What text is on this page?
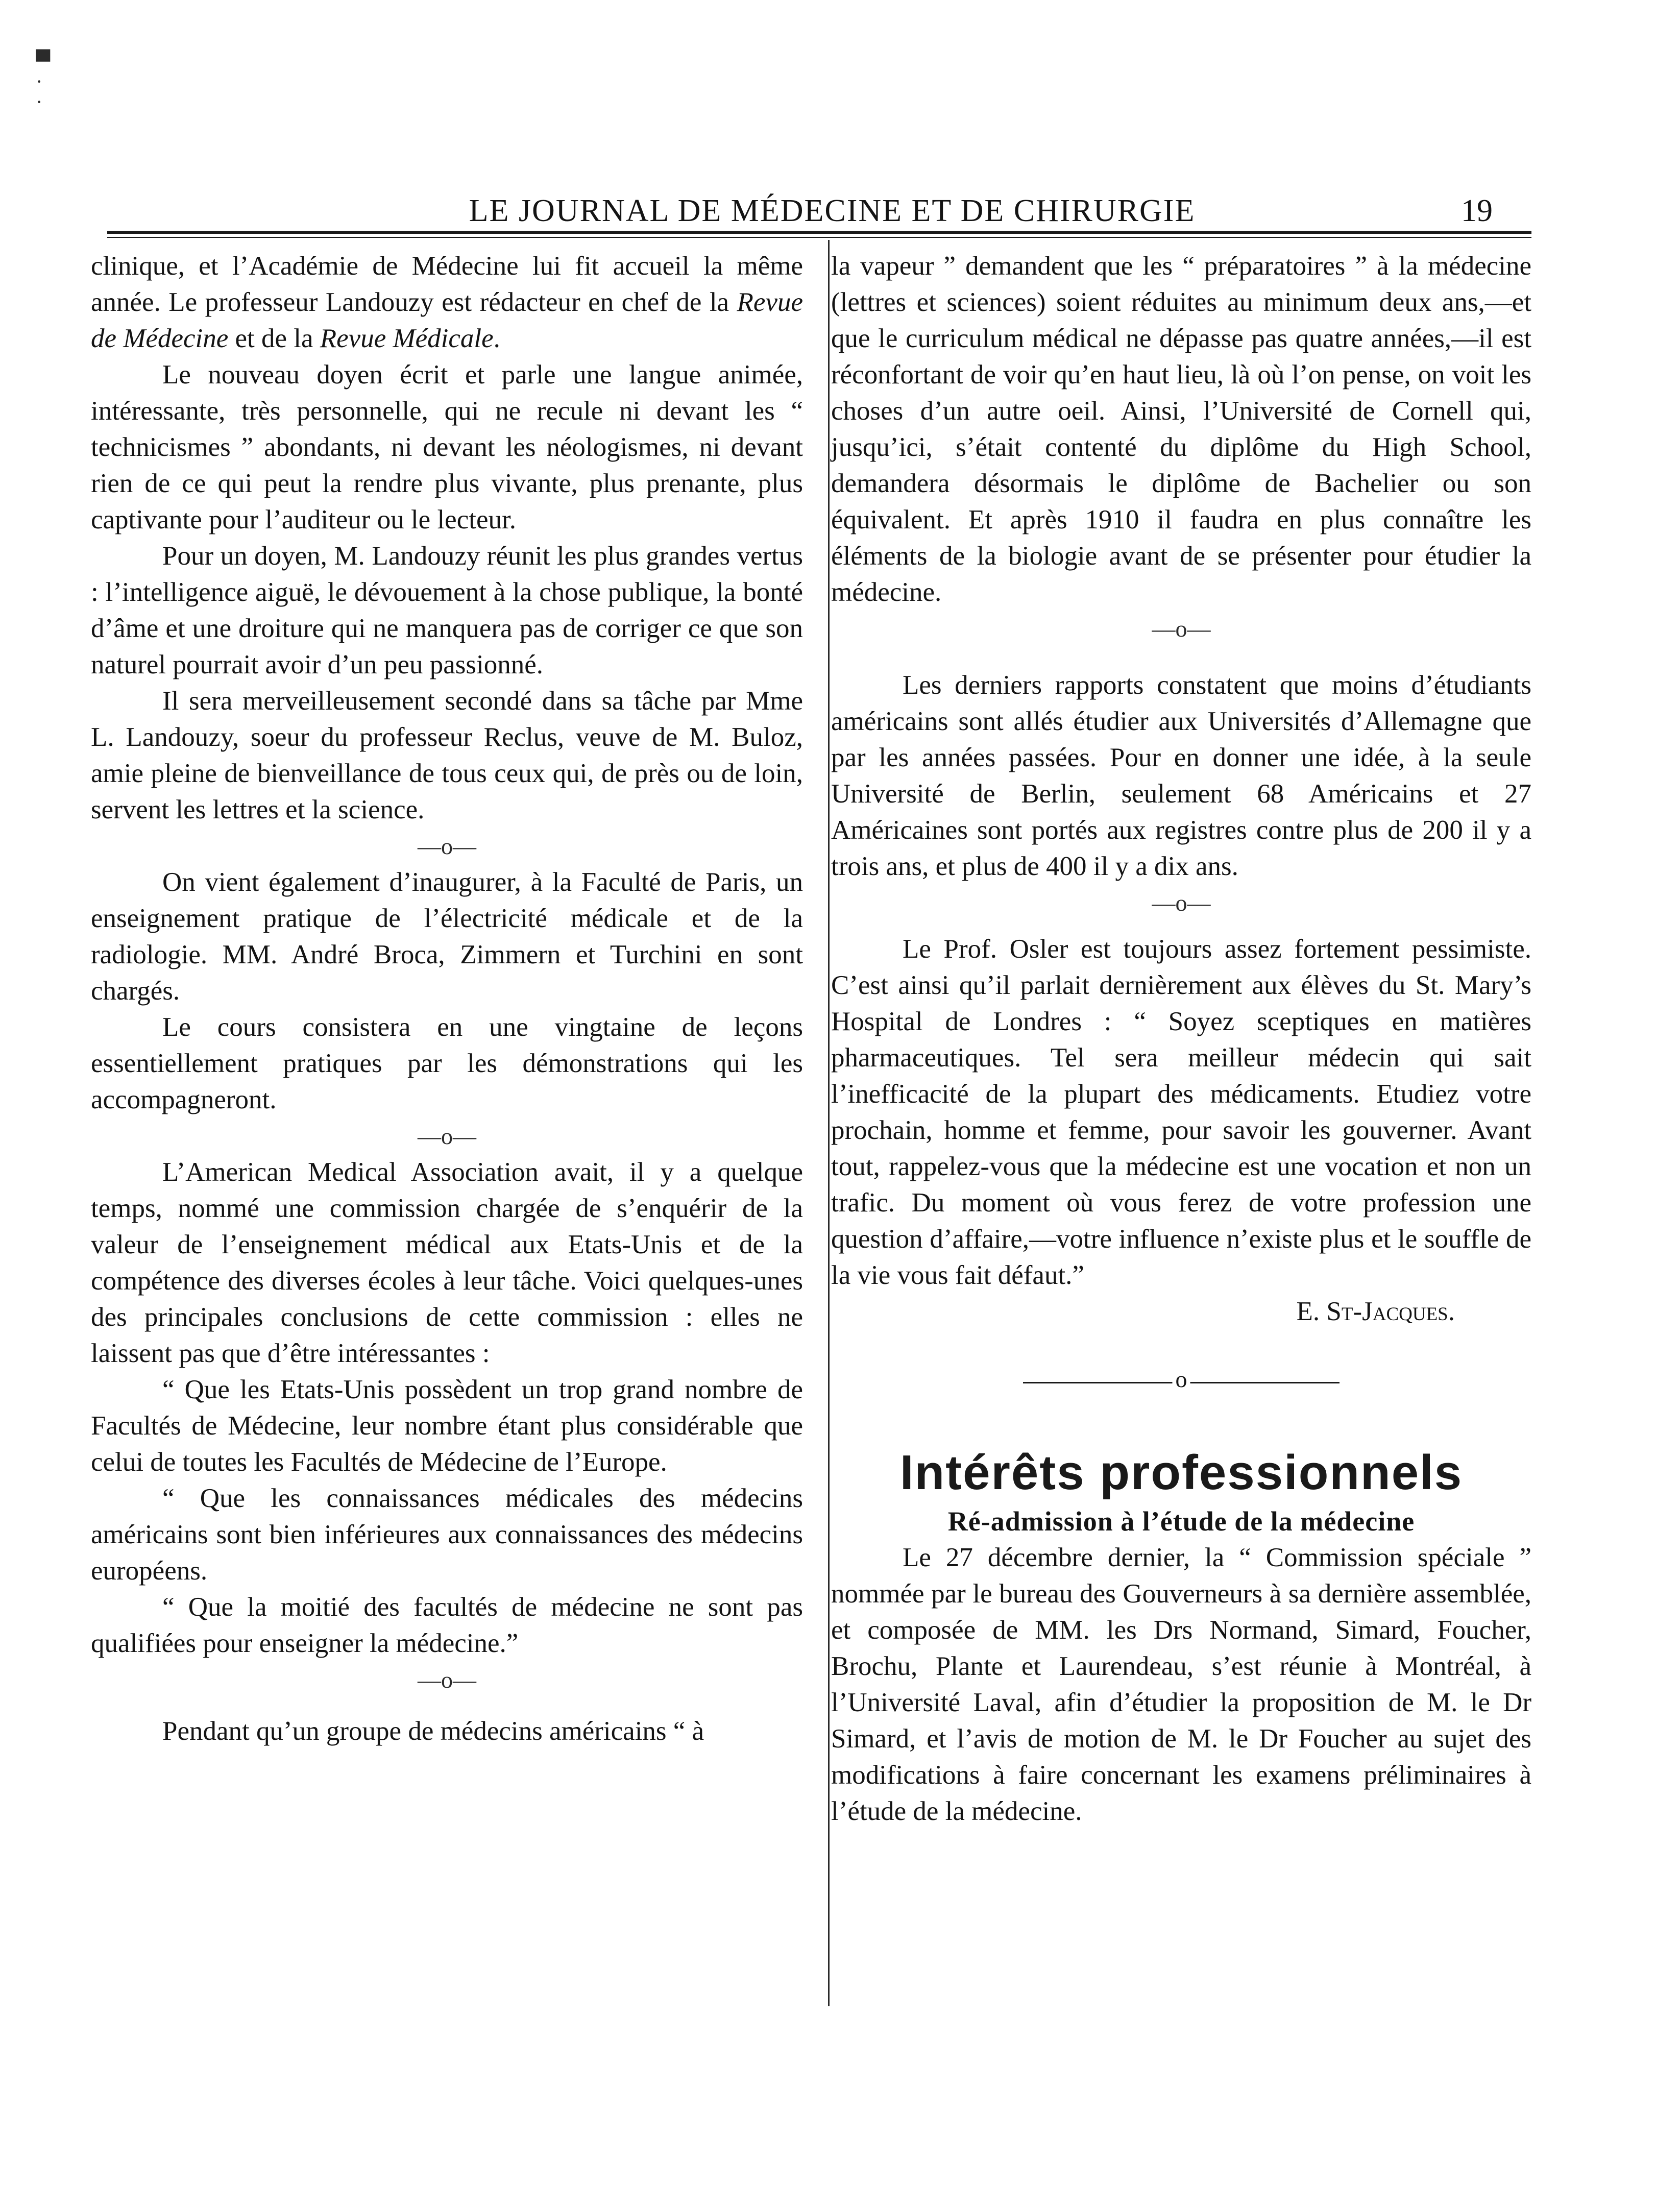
▀
·
·
LE JOURNAL DE MÉDECINE ET DE CHIRURGIE	19

clinique, et l’Académie de Médecine lui fit accueil la même année. Le professeur Landouzy est rédacteur en chef de la Revue de Médecine et de la Revue Médicale.

Le nouveau doyen écrit et parle une langue animée, intéressante, très personnelle, qui ne recule ni devant les “ technicismes ” abondants, ni devant les néologismes, ni devant rien de ce qui peut la rendre plus vivante, plus prenante, plus captivante pour l’auditeur ou le lecteur.

Pour un doyen, M. Landouzy réunit les plus grandes vertus : l’intelligence aiguë, le dévouement à la chose publique, la bonté d’âme et une droiture qui ne manquera pas de corriger ce que son naturel pourrait avoir d’un peu passionné.

Il sera merveilleusement secondé dans sa tâche par Mme L. Landouzy, soeur du professeur Reclus, veuve de M. Buloz, amie pleine de bienveillance de tous ceux qui, de près ou de loin, servent les lettres et la science.

—o—

On vient également d’inaugurer, à la Faculté de Paris, un enseignement pratique de l’électricité médicale et de la radiologie. MM. André Broca, Zimmern et Turchini en sont chargés.

Le cours consistera en une vingtaine de leçons essentiellement pratiques par les démonstrations qui les accompagneront.

—o—

L’American Medical Association avait, il y a quelque temps, nommé une commission chargée de s’enquérir de la valeur de l’enseignement médical aux Etats-Unis et de la compétence des diverses écoles à leur tâche. Voici quelques-unes des principales conclusions de cette commission : elles ne laissent pas que d’être intéressantes :

“ Que les Etats-Unis possèdent un trop grand nombre de Facultés de Médecine, leur nombre étant plus considérable que celui de toutes les Facultés de Médecine de l’Europe.

“ Que les connaissances médicales des médecins américains sont bien inférieures aux connaissances des médecins européens.

“ Que la moitié des facultés de médecine ne sont pas qualifiées pour enseigner la médecine.”

—o—

Pendant qu’un groupe de médecins américains “ à

la vapeur ” demandent que les “ préparatoires ” à la médecine (lettres et sciences) soient réduites au minimum deux ans,—et que le curriculum médical ne dépasse pas quatre années,—il est réconfortant de voir qu’en haut lieu, là où l’on pense, on voit les choses d’un autre oeil. Ainsi, l’Université de Cornell qui, jusqu’ici, s’était contenté du diplôme du High School, demandera désormais le diplôme de Bachelier ou son équivalent. Et après 1910 il faudra en plus connaître les éléments de la biologie avant de se présenter pour étudier la médecine.

—o—

Les derniers rapports constatent que moins d’étudiants américains sont allés étudier aux Universités d’Allemagne que par les années passées. Pour en donner une idée, à la seule Université de Berlin, seulement 68 Américains et 27 Américaines sont portés aux registres contre plus de 200 il y a trois ans, et plus de 400 il y a dix ans.

—o—

Le Prof. Osler est toujours assez fortement pessimiste. C’est ainsi qu’il parlait dernièrement aux élèves du St. Mary’s Hospital de Londres : “ Soyez sceptiques en matières pharmaceutiques. Tel sera meilleur médecin qui sait l’inefficacité de la plupart des médicaments. Etudiez votre prochain, homme et femme, pour savoir les gouverner. Avant tout, rappelez-vous que la médecine est une vocation et non un trafic. Du moment où vous ferez de votre profession une question d’affaire,—votre influence n’existe plus et le souffle de la vie vous fait défaut.”

E. St-Jacques.

o
Intérêts professionnels

Ré-admission à l’étude de la médecine

Le 27 décembre dernier, la “ Commission spéciale ” nommée par le bureau des Gouverneurs à sa dernière assemblée, et composée de MM. les Drs Normand, Simard, Foucher, Brochu, Plante et Laurendeau, s’est réunie à Montréal, à l’Université Laval, afin d’étudier la proposition de M. le Dr Simard, et l’avis de motion de M. le Dr Foucher au sujet des modifications à faire concernant les examens préliminaires à l’étude de la médecine.
